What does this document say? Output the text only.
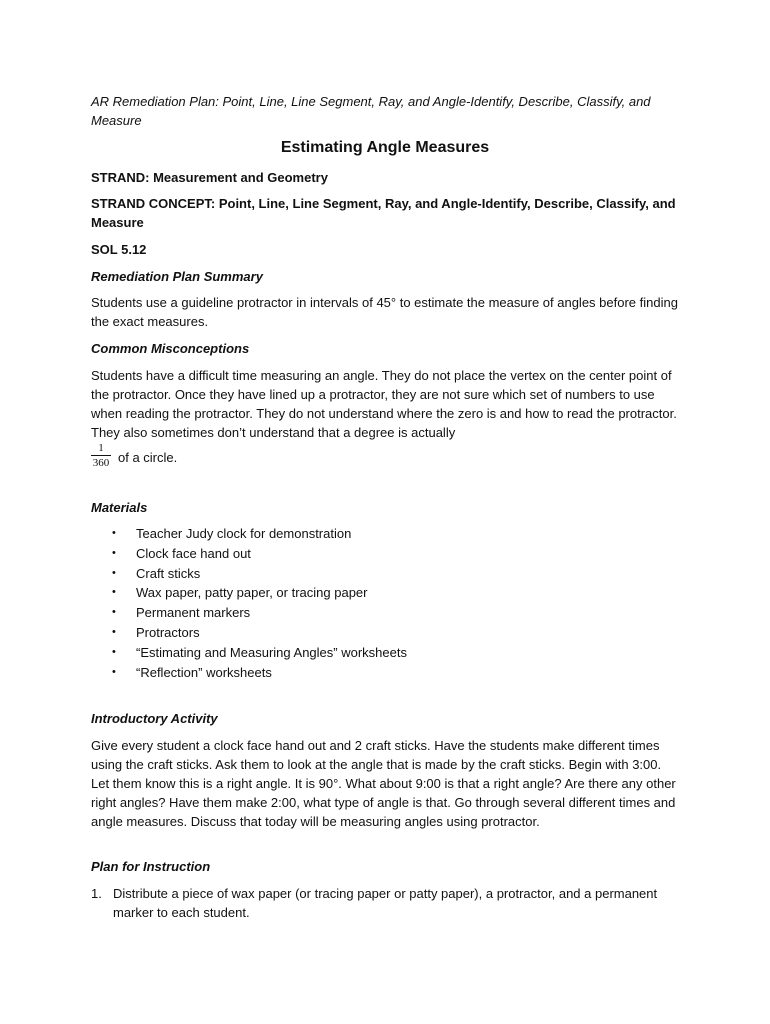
AR Remediation Plan: Point, Line, Line Segment, Ray, and Angle-Identify, Describe, Classify, and Measure
Estimating Angle Measures
STRAND: Measurement and Geometry
STRAND CONCEPT: Point, Line, Line Segment, Ray, and Angle-Identify, Describe, Classify, and Measure
SOL 5.12
Remediation Plan Summary
Students use a guideline protractor in intervals of 45° to estimate the measure of angles before finding the exact measures.
Common Misconceptions
Students have a difficult time measuring an angle. They do not place the vertex on the center point of the protractor. Once they have lined up a protractor, they are not sure which set of numbers to use when reading the protractor. They do not understand where the zero is and how to read the protractor. They also sometimes don’t understand that a degree is actually
1
360 of a circle.
Materials
• Teacher Judy clock for demonstration
• Clock face hand out
• Craft sticks
• Wax paper, patty paper, or tracing paper
• Permanent markers
• Protractors
• “Estimating and Measuring Angles” worksheets
• “Reflection” worksheets
Introductory Activity
Give every student a clock face hand out and 2 craft sticks. Have the students make different times using the craft sticks. Ask them to look at the angle that is made by the craft sticks. Begin with 3:00. Let them know this is a right angle. It is 90°. What about 9:00 is that a right angle? Are there any other right angles? Have them make 2:00, what type of angle is that. Go through several different times and angle measures. Discuss that today will be measuring angles using protractor.
Plan for Instruction
1. Distribute a piece of wax paper (or tracing paper or patty paper), a protractor, and a permanent marker to each student.
